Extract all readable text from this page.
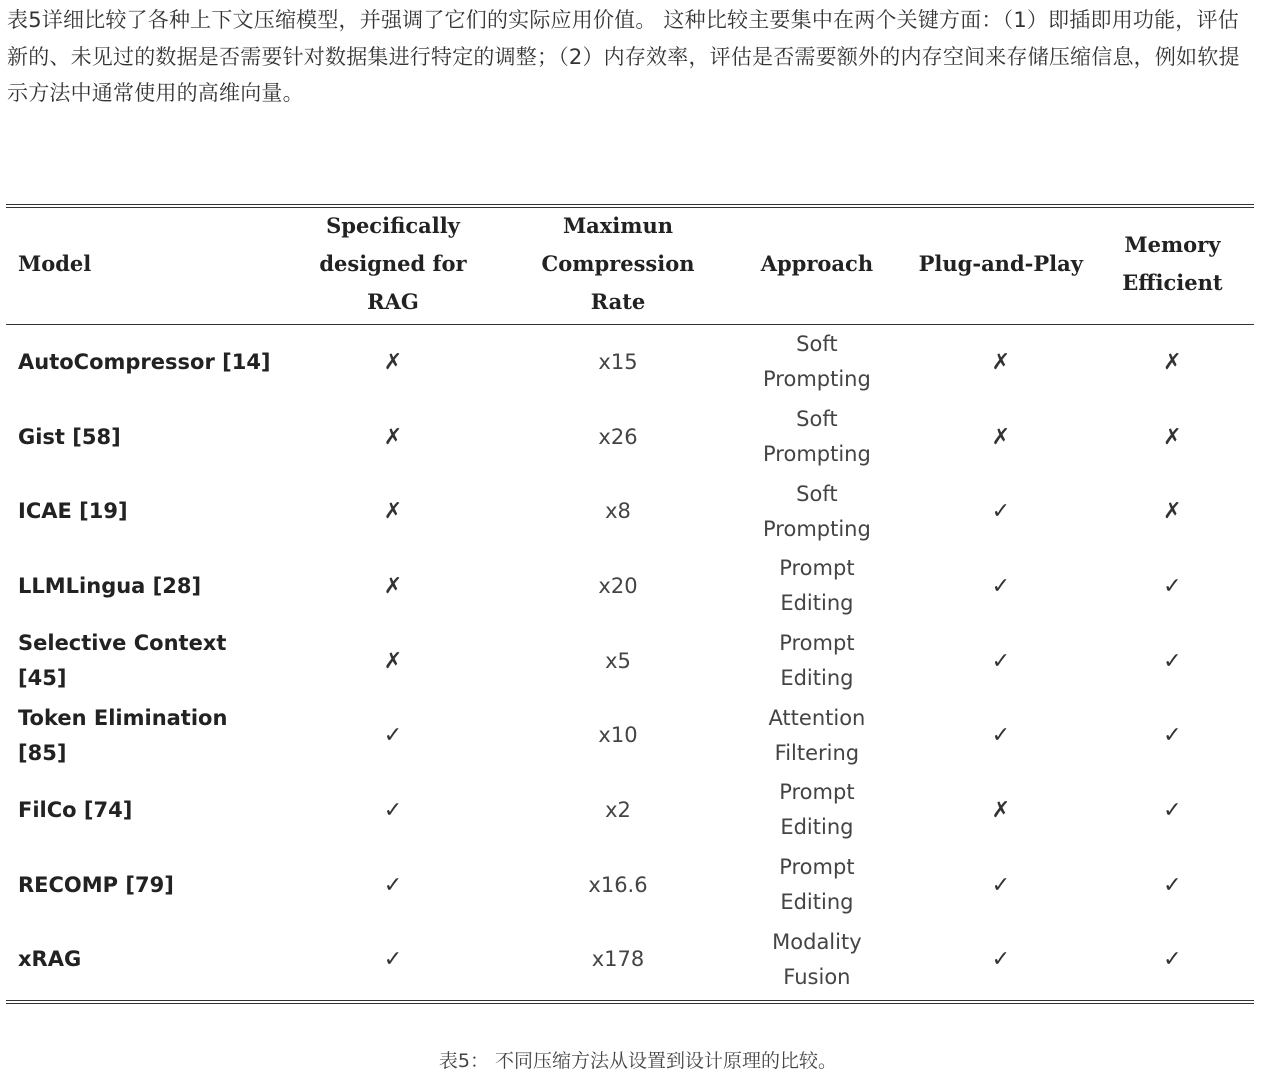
表5详细比较了各种上下文压缩模型，并强调了它们的实际应用价值。 这种比较主要集中在两个关键方面：（1）即插即用功能，评估新的、未见过的数据是否需要针对数据集进行特定的调整；（2）内存效率，评估是否需要额外的内存空间来存储压缩信息，例如软提示方法中通常使用的高维向量。
Model	Specifically designed for RAG	Maximun Compression Rate	Approach	Plug-and-Play	Memory Efficient
AutoCompressor [14]	✗	x15	Soft Prompting	✗	✗
Gist [58]	✗	x26	Soft Prompting	✗	✗
ICAE [19]	✗	x8	Soft Prompting	✓	✗
LLMLingua [28]	✗	x20	Prompt Editing	✓	✓
Selective Context [45]	✗	x5	Prompt Editing	✓	✓
Token Elimination [85]	✓	x10	Attention Filtering	✓	✓
FilCo [74]	✓	x2	Prompt Editing	✗	✓
RECOMP [79]	✓	x16.6	Prompt Editing	✓	✓
xRAG	✓	x178	Modality Fusion	✓	✓
表5： 不同压缩方法从设置到设计原理的比较。
